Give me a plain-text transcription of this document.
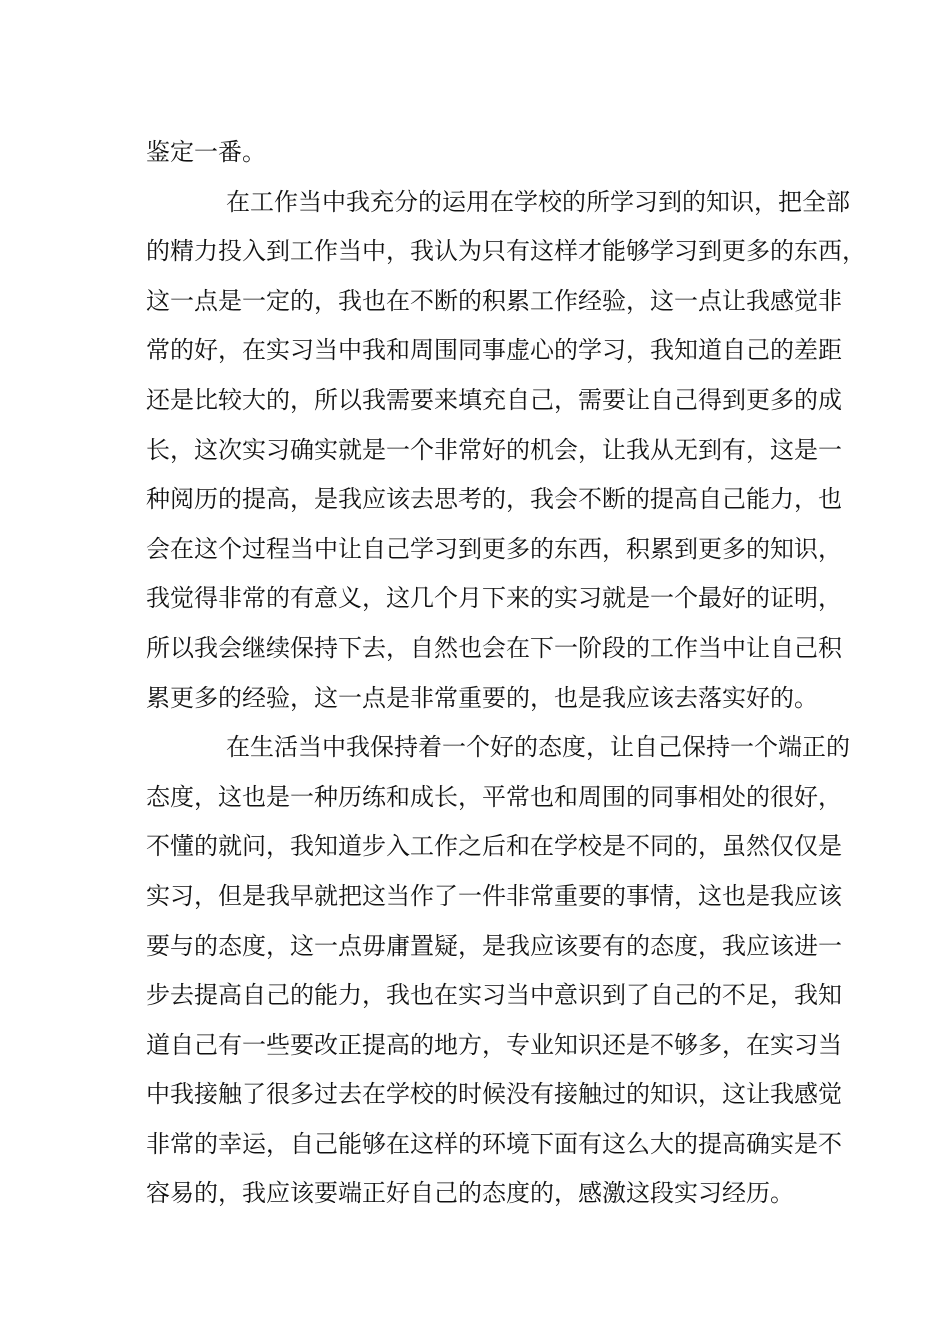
鉴定一番。
在工作当中我充分的运用在学校的所学习到的知识，把全部
的精力投入到工作当中，我认为只有这样才能够学习到更多的东西，
这一点是一定的，我也在不断的积累工作经验，这一点让我感觉非
常的好，在实习当中我和周围同事虚心的学习，我知道自己的差距
还是比较大的，所以我需要来填充自己，需要让自己得到更多的成
长，这次实习确实就是一个非常好的机会，让我从无到有，这是一
种阅历的提高，是我应该去思考的，我会不断的提高自己能力，也
会在这个过程当中让自己学习到更多的东西，积累到更多的知识，
我觉得非常的有意义，这几个月下来的实习就是一个最好的证明，
所以我会继续保持下去，自然也会在下一阶段的工作当中让自己积
累更多的经验，这一点是非常重要的，也是我应该去落实好的。
在生活当中我保持着一个好的态度，让自己保持一个端正的
态度，这也是一种历练和成长，平常也和周围的同事相处的很好，
不懂的就问，我知道步入工作之后和在学校是不同的，虽然仅仅是
实习，但是我早就把这当作了一件非常重要的事情，这也是我应该
要与的态度，这一点毋庸置疑，是我应该要有的态度，我应该进一
步去提高自己的能力，我也在实习当中意识到了自己的不足，我知
道自己有一些要改正提高的地方，专业知识还是不够多，在实习当
中我接触了很多过去在学校的时候没有接触过的知识，这让我感觉
非常的幸运，自己能够在这样的环境下面有这么大的提高确实是不
容易的，我应该要端正好自己的态度的，感激这段实习经历。
